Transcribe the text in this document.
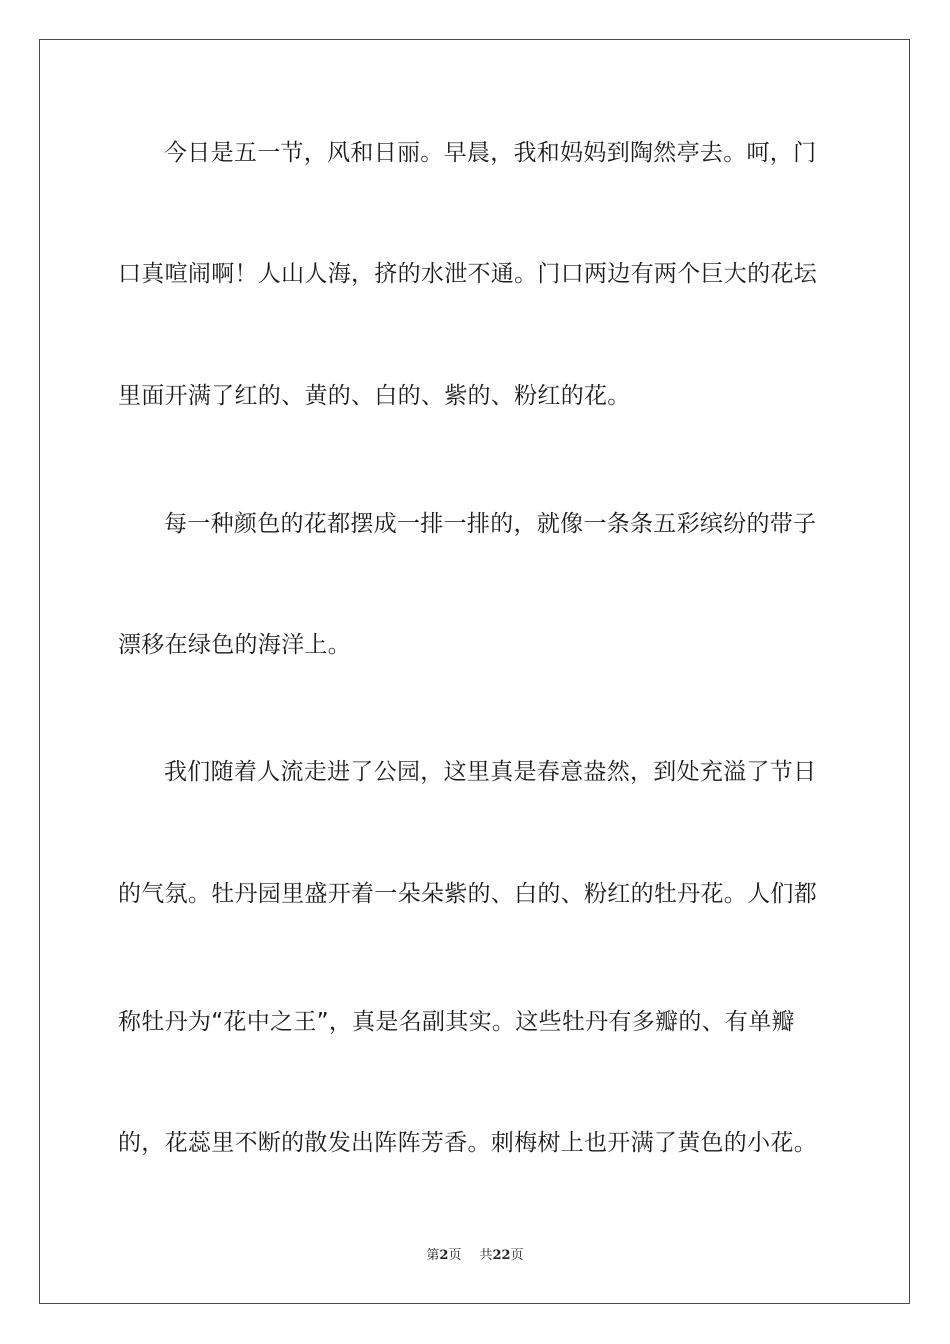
今日是五一节，风和日丽。早晨，我和妈妈到陶然亭去。呵，门
口真喧闹啊！人山人海，挤的水泄不通。门口两边有两个巨大的花坛
里面开满了红的、黄的、白的、紫的、粉红的花。
每一种颜色的花都摆成一排一排的，就像一条条五彩缤纷的带子
漂移在绿色的海洋上。
我们随着人流走进了公园，这里真是春意盎然，到处充溢了节日
的气氛。牡丹园里盛开着一朵朵紫的、白的、粉红的牡丹花。人们都
称牡丹为“花中之王”，真是名副其实。这些牡丹有多瓣的、有单瓣
的，花蕊里不断的散发出阵阵芳香。刺梅树上也开满了黄色的小花。
第2页 共22页
